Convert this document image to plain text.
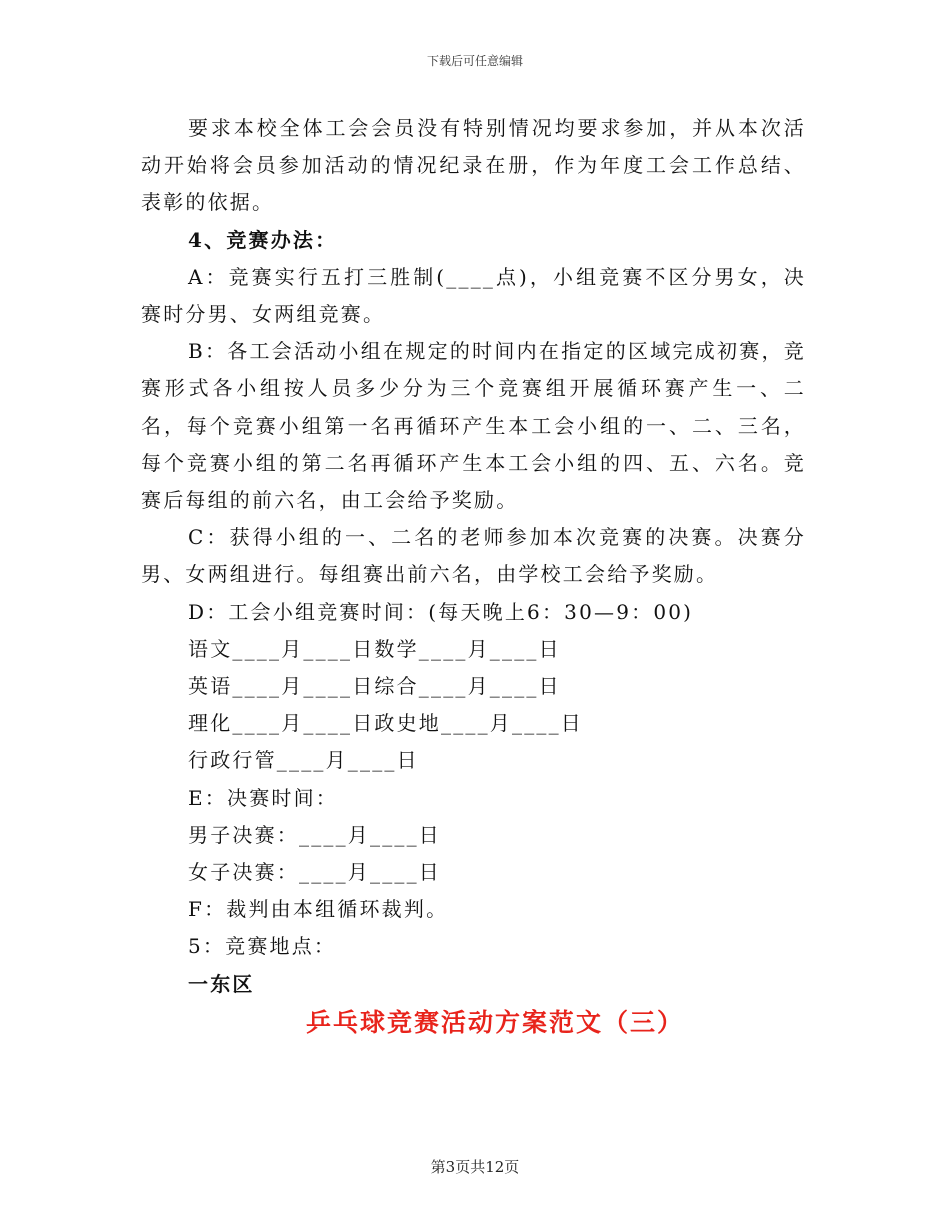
下载后可任意编辑

要求本校全体工会会员没有特别情况均要求参加，并从本次活动开始将会员参加活动的情况纪录在册，作为年度工会工作总结、表彰的依据。

4、竞赛办法：

A：竞赛实行五打三胜制(____点)，小组竞赛不区分男女，决赛时分男、女两组竞赛。

B：各工会活动小组在规定的时间内在指定的区域完成初赛，竞赛形式各小组按人员多少分为三个竞赛组开展循环赛产生一、二名，每个竞赛小组第一名再循环产生本工会小组的一、二、三名，每个竞赛小组的第二名再循环产生本工会小组的四、五、六名。竞赛后每组的前六名，由工会给予奖励。

C：获得小组的一、二名的老师参加本次竞赛的决赛。决赛分男、女两组进行。每组赛出前六名，由学校工会给予奖励。

D：工会小组竞赛时间：(每天晚上6：30—9：00)

语文____月____日数学____月____日

英语____月____日综合____月____日

理化____月____日政史地____月____日

行政行管____月____日

E：决赛时间：

男子决赛：____月____日

女子决赛：____月____日

F：裁判由本组循环裁判。

5：竞赛地点：

一东区

乒乓球竞赛活动方案范文（三）
第3页共12页
